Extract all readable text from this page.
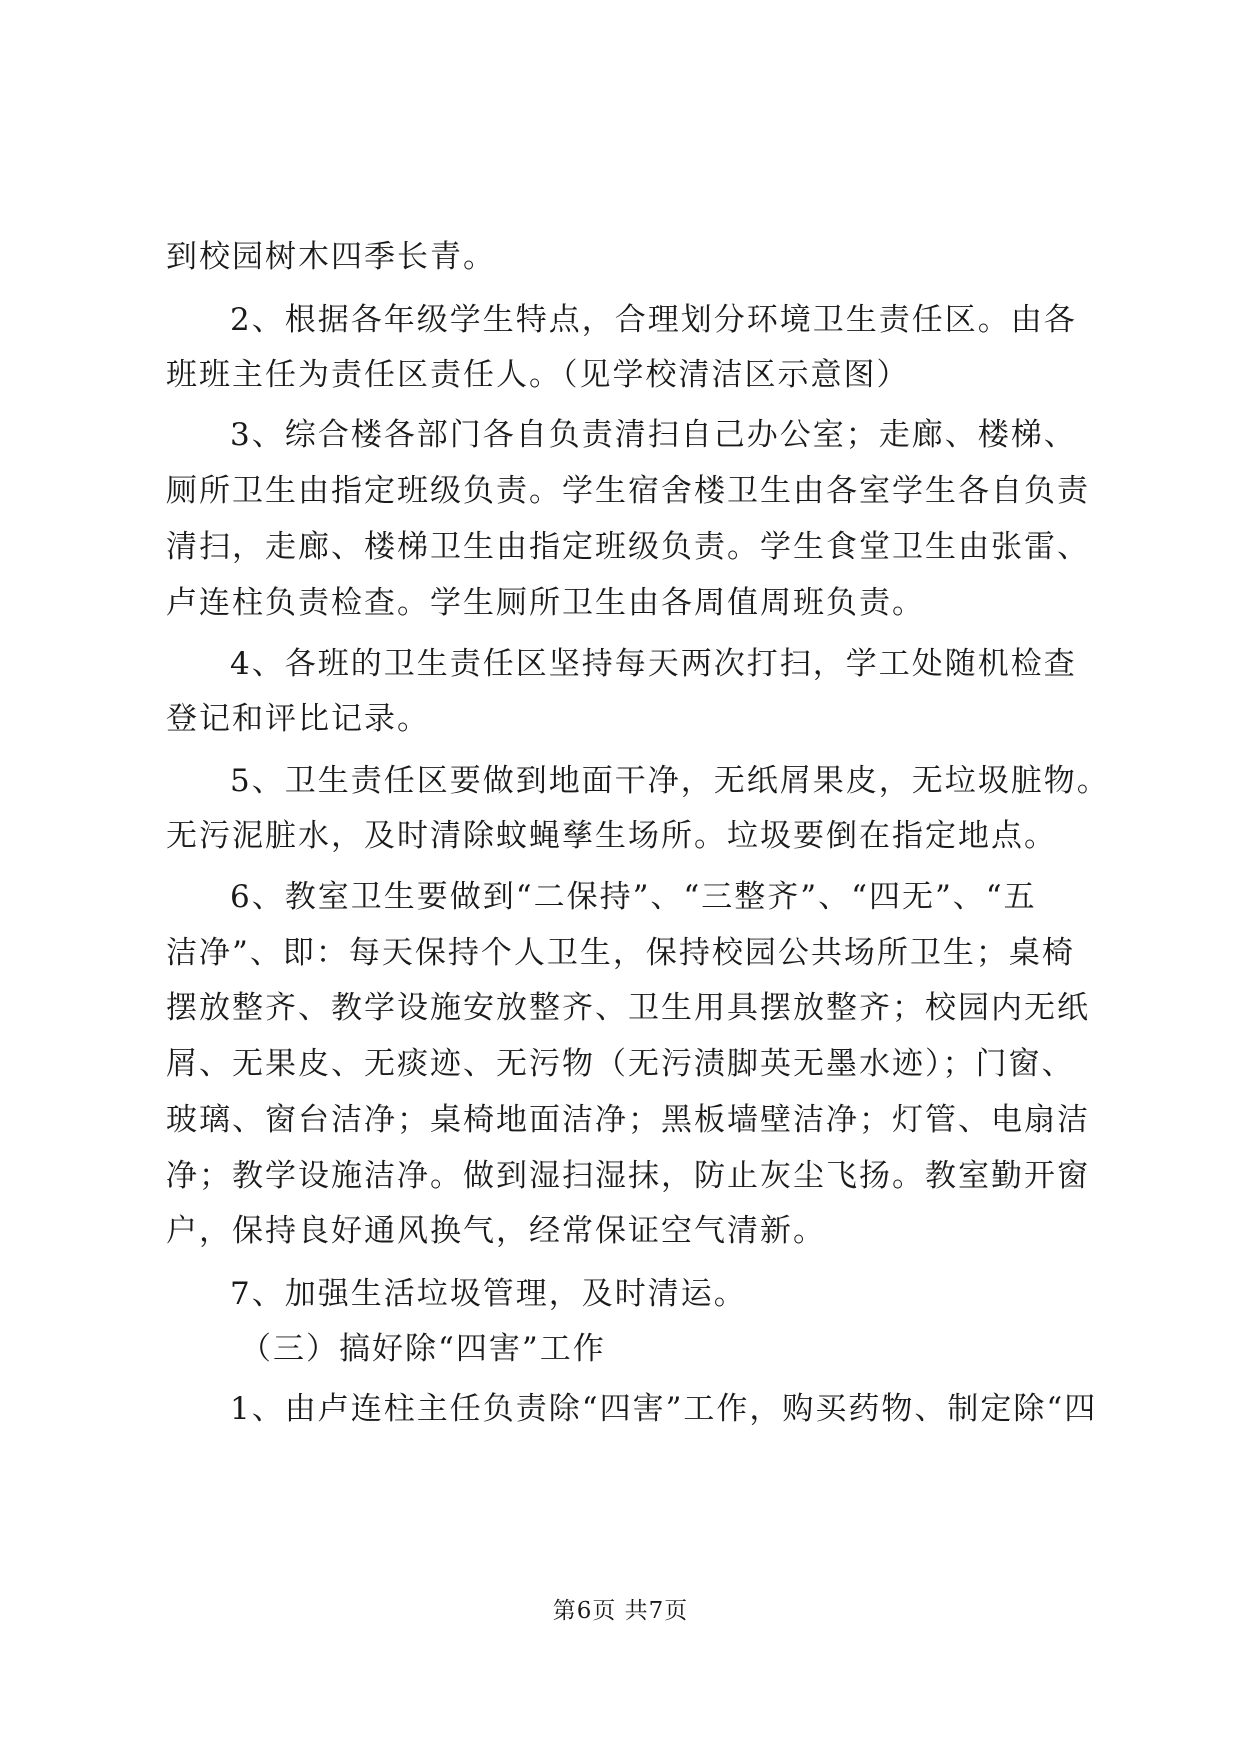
到校园树木四季长青。

2、根据各年级学生特点，合理划分环境卫生责任区。由各

班班主任为责任区责任人。（见学校清洁区示意图）

3、综合楼各部门各自负责清扫自己办公室；走廊、楼梯、

厕所卫生由指定班级负责。学生宿舍楼卫生由各室学生各自负责

清扫，走廊、楼梯卫生由指定班级负责。学生食堂卫生由张雷、

卢连柱负责检查。学生厕所卫生由各周值周班负责。

4、各班的卫生责任区坚持每天两次打扫，学工处随机检查

登记和评比记录。

5、卫生责任区要做到地面干净，无纸屑果皮，无垃圾脏物。

无污泥脏水，及时清除蚊蝇孳生场所。垃圾要倒在指定地点。

6、教室卫生要做到“二保持”、“三整齐”、“四无”、“五

洁净”、即：每天保持个人卫生，保持校园公共场所卫生；桌椅

摆放整齐、教学设施安放整齐、卫生用具摆放整齐；校园内无纸

屑、无果皮、无痰迹、无污物（无污渍脚英无墨水迹）；门窗、

玻璃、窗台洁净；桌椅地面洁净；黑板墙壁洁净；灯管、电扇洁

净；教学设施洁净。做到湿扫湿抹，防止灰尘飞扬。教室勤开窗

户，保持良好通风换气，经常保证空气清新。

7、加强生活垃圾管理，及时清运。

（三）搞好除“四害”工作

1、由卢连柱主任负责除“四害”工作，购买药物、制定除“四

第6页 共7页
